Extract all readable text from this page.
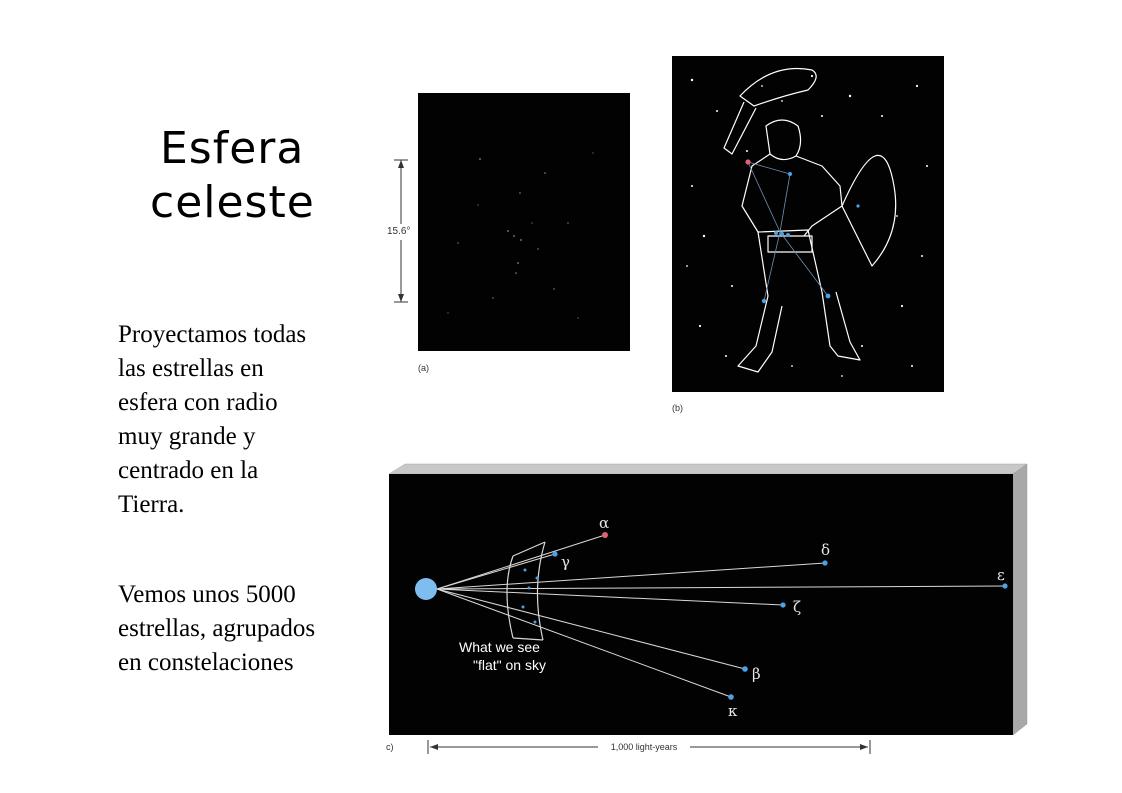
Esfera
celeste
Proyectamos todas
las estrellas en
esfera con radio
muy grande y
centrado en la
Tierra.
Vemos unos 5000
estrellas, agrupados
en constelaciones
15.6°
(a)
(b)
α
γ
δ
ε
ζ
β
κ
What we see
"flat" on sky
1,000 light-years
c)
